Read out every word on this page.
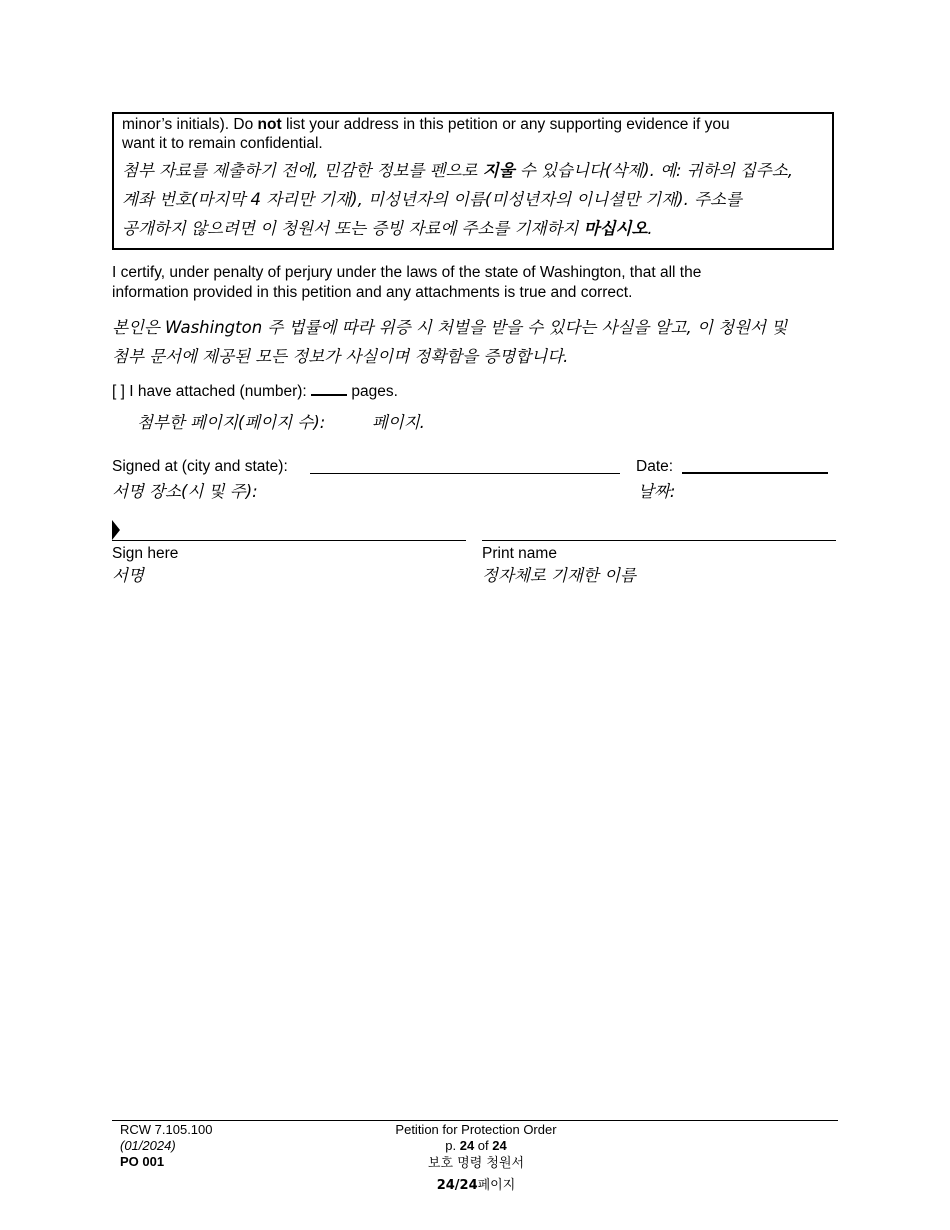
minor’s initials). Do not list your address in this petition or any supporting evidence if you
want it to remain confidential.
첨부 자료를 제출하기 전에, 민감한 정보를 펜으로 지울 수 있습니다(삭제). 예: 귀하의 집주소,
계좌 번호(마지막 4 자리만 기재), 미성년자의 이름(미성년자의 이니셜만 기재). 주소를
공개하지 않으려면 이 청원서 또는 증빙 자료에 주소를 기재하지 마십시오.
I certify, under penalty of perjury under the laws of the state of Washington, that all the
information provided in this petition and any attachments is true and correct.
본인은 Washington 주 법률에 따라 위증 시 처벌을 받을 수 있다는 사실을 알고, 이 청원서 및
첨부 문서에 제공된 모든 정보가 사실이며 정확함을 증명합니다.
[ ] I have attached (number):	pages.
첨부한 페이지(페이지 수):	페이지.
Signed at (city and state):
서명 장소(시 및 주):
Date:
날짜:
Sign here
서명
Print name
정자체로 기재한 이름
RCW 7.105.100
(01/2024)
PO 001
Petition for Protection Order
p. 24 of 24
보호 명령 청원서
24/24페이지
